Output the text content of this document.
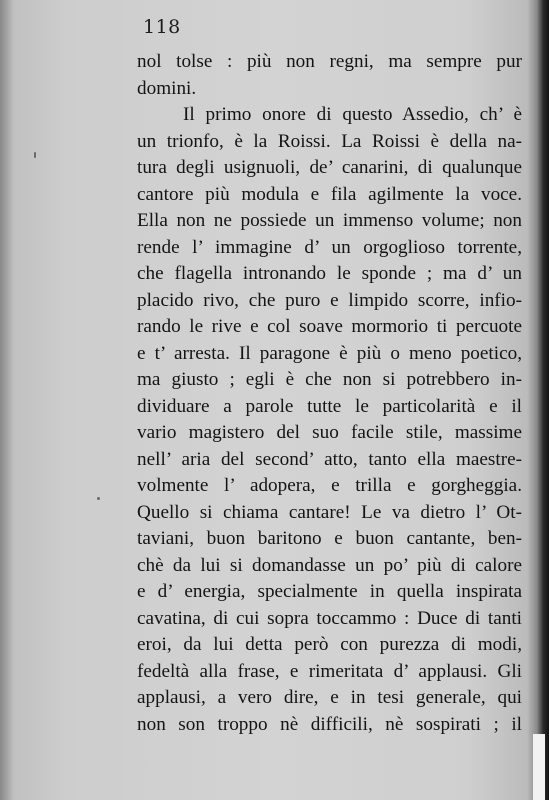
118
nol tolse : più non regni, ma sempre pur
domini.
Il primo onore di questo Assedio, ch’ è
un trionfo, è la Roissi. La Roissi è della na-
tura degli usignuoli, de’ canarini, di qualunque
cantore più modula e fila agilmente la voce.
Ella non ne possiede un immenso volume; non
rende l’ immagine d’ un orgoglioso torrente,
che flagella intronando le sponde ; ma d’ un
placido rivo, che puro e limpido scorre, infio-
rando le rive e col soave mormorio ti percuote
e t’ arresta. Il paragone è più o meno poetico,
ma giusto ; egli è che non si potrebbero in-
dividuare a parole tutte le particolarità e il
vario magistero del suo facile stile, massime
nell’ aria del second’ atto, tanto ella maestre-
volmente l’ adopera, e trilla e gorgheggia.
Quello si chiama cantare! Le va dietro l’ Ot-
taviani, buon baritono e buon cantante, ben-
chè da lui si domandasse un po’ più di calore
e d’ energia, specialmente in quella inspirata
cavatina, di cui sopra toccammo : Duce di tanti
eroi, da lui detta però con purezza di modi,
fedeltà alla frase, e rimeritata d’ applausi. Gli
applausi, a vero dire, e in tesi generale, qui
non son troppo nè difficili, nè sospirati ; il
